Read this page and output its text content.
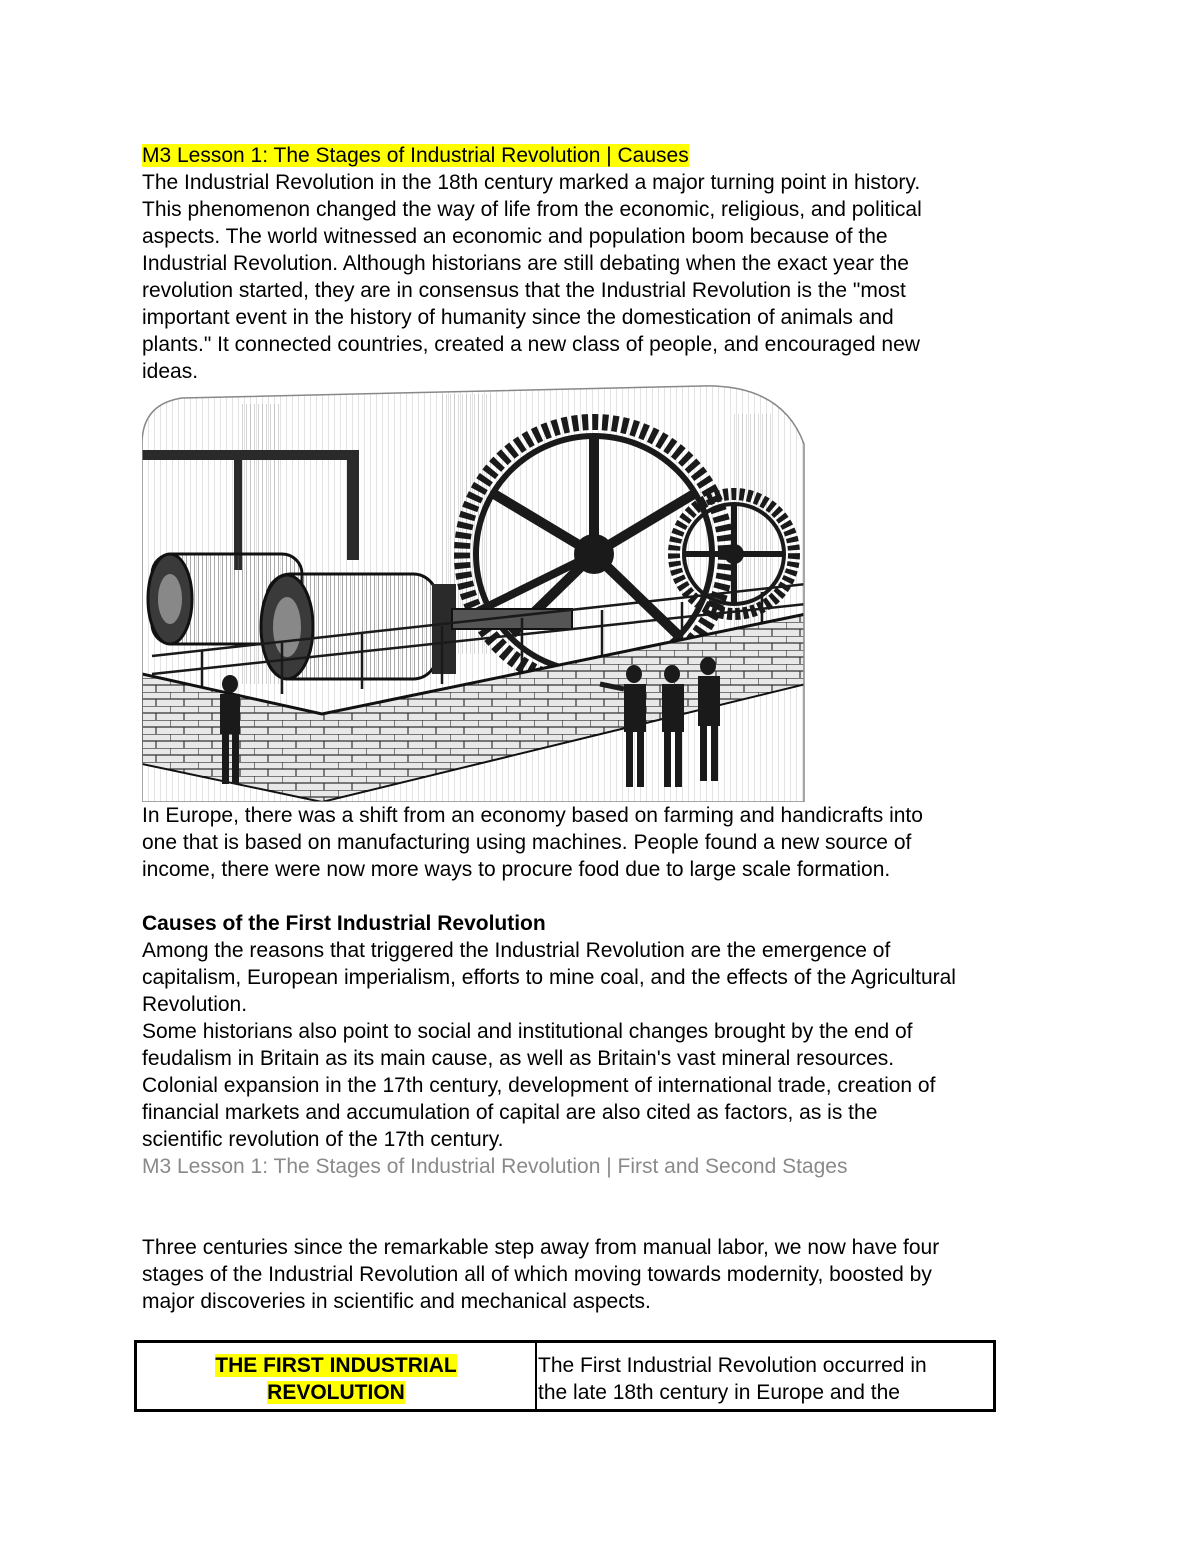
M3 Lesson 1: The Stages of Industrial Revolution | Causes
The Industrial Revolution in the 18th century marked a major turning point in history.
This phenomenon changed the way of life from the economic, religious, and political
aspects. The world witnessed an economic and population boom because of the
Industrial Revolution. Although historians are still debating when the exact year the
revolution started, they are in consensus that the Industrial Revolution is the "most
important event in the history of humanity since the domestication of animals and
plants." It connected countries, created a new class of people, and encouraged new
ideas.
In Europe, there was a shift from an economy based on farming and handicrafts into
one that is based on manufacturing using machines. People found a new source of
income, there were now more ways to procure food due to large scale formation.
Causes of the First Industrial Revolution
Among the reasons that triggered the Industrial Revolution are the emergence of
capitalism, European imperialism, efforts to mine coal, and the effects of the Agricultural
Revolution.
Some historians also point to social and institutional changes brought by the end of
feudalism in Britain as its main cause, as well as Britain's vast mineral resources.
Colonial expansion in the 17th century, development of international trade, creation of
financial markets and accumulation of capital are also cited as factors, as is the
scientific revolution of the 17th century.
M3 Lesson 1: The Stages of Industrial Revolution | First and Second Stages
Three centuries since the remarkable step away from manual labor, we now have four
stages of the Industrial Revolution all of which moving towards modernity, boosted by
major discoveries in scientific and mechanical aspects.
THE FIRST INDUSTRIAL
REVOLUTION
The First Industrial Revolution occurred in
the late 18th century in Europe and the
